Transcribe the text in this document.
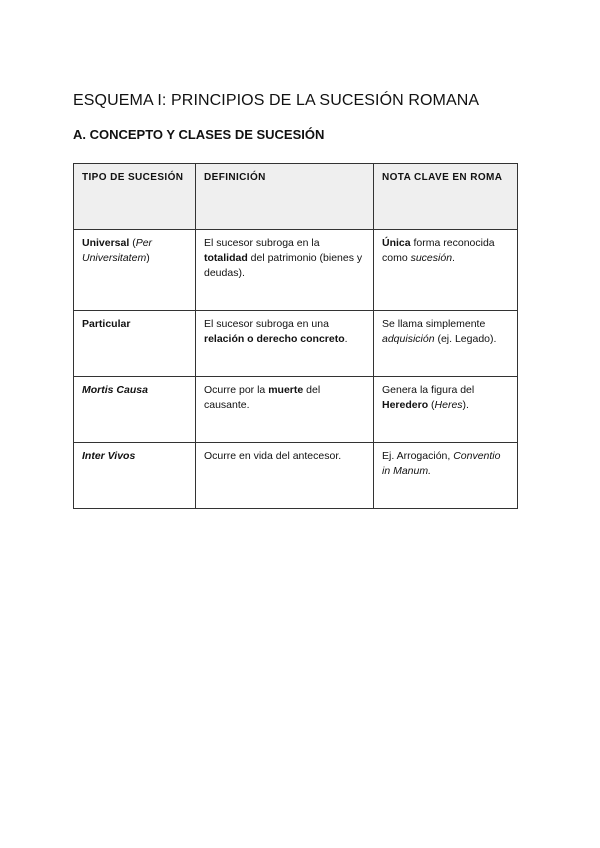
ESQUEMA I: PRINCIPIOS DE LA SUCESIÓN ROMANA
A. CONCEPTO Y CLASES DE SUCESIÓN
TIPO DE SUCESIÓN	DEFINICIÓN	NOTA CLAVE EN ROMA
Universal (Per Universitatem)	El sucesor subroga en la totalidad del patrimonio (bienes y deudas).	Única forma reconocida como sucesión.
Particular	El sucesor subroga en una relación o derecho concreto.	Se llama simplemente adquisición (ej. Legado).
Mortis Causa	Ocurre por la muerte del causante.	Genera la figura del Heredero (Heres).
Inter Vivos	Ocurre en vida del antecesor.	Ej. Arrogación, Conventio in Manum.
